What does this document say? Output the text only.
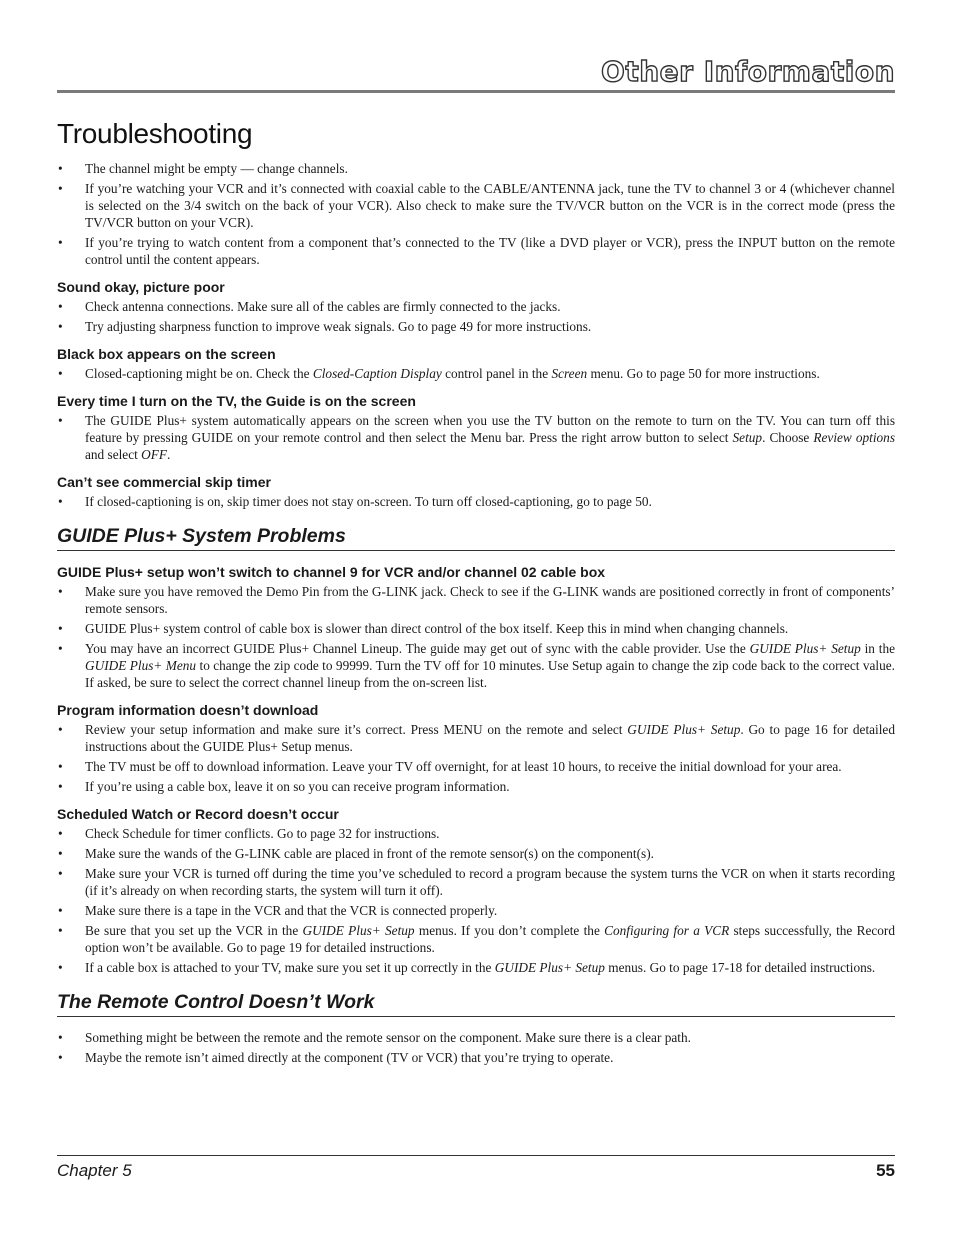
Other Information
Troubleshooting
• The channel might be empty — change channels.
• If you’re watching your VCR and it’s connected with coaxial cable to the CABLE/ANTENNA jack, tune the TV to channel 3 or 4 (whichever channel is selected on the 3/4 switch on the back of your VCR). Also check to make sure the TV/VCR button on the VCR is in the correct mode (press the TV/VCR button on your VCR).
• If you’re trying to watch content from a component that’s connected to the TV (like a DVD player or VCR), press the INPUT button on the remote control until the content appears.
Sound okay, picture poor
• Check antenna connections. Make sure all of the cables are firmly connected to the jacks.
• Try adjusting sharpness function to improve weak signals. Go to page 49 for more instructions.
Black box appears on the screen
• Closed-captioning might be on. Check the Closed-Caption Display control panel in the Screen menu. Go to page 50 for more instructions.
Every time I turn on the TV, the Guide is on the screen
• The GUIDE Plus+ system automatically appears on the screen when you use the TV button on the remote to turn on the TV. You can turn off this feature by pressing GUIDE on your remote control and then select the Menu bar. Press the right arrow button to select Setup. Choose Review options and select OFF.
Can’t see commercial skip timer
• If closed-captioning is on, skip timer does not stay on-screen. To turn off closed-captioning, go to page 50.
GUIDE Plus+ System Problems
GUIDE Plus+ setup won’t switch to channel 9 for VCR and/or channel 02 cable box
• Make sure you have removed the Demo Pin from the G-LINK jack. Check to see if the G-LINK wands are positioned correctly in front of components’ remote sensors.
• GUIDE Plus+ system control of cable box is slower than direct control of the box itself. Keep this in mind when changing channels.
• You may have an incorrect GUIDE Plus+ Channel Lineup. The guide may get out of sync with the cable provider. Use the GUIDE Plus+ Setup in the GUIDE Plus+ Menu to change the zip code to 99999. Turn the TV off for 10 minutes. Use Setup again to change the zip code back to the correct value. If asked, be sure to select the correct channel lineup from the on-screen list.
Program information doesn’t download
• Review your setup information and make sure it’s correct. Press MENU on the remote and select GUIDE Plus+ Setup. Go to page 16 for detailed instructions about the GUIDE Plus+ Setup menus.
• The TV must be off to download information. Leave your TV off overnight, for at least 10 hours, to receive the initial download for your area.
• If you’re using a cable box, leave it on so you can receive program information.
Scheduled Watch or Record doesn’t occur
• Check Schedule for timer conflicts. Go to page 32 for instructions.
• Make sure the wands of the G-LINK cable are placed in front of the remote sensor(s) on the component(s).
• Make sure your VCR is turned off during the time you’ve scheduled to record a program because the system turns the VCR on when it starts recording (if it’s already on when recording starts, the system will turn it off).
• Make sure there is a tape in the VCR and that the VCR is connected properly.
• Be sure that you set up the VCR in the GUIDE Plus+ Setup menus. If you don’t complete the Configuring for a VCR steps successfully, the Record option won’t be available. Go to page 19 for detailed instructions.
• If a cable box is attached to your TV, make sure you set it up correctly in the GUIDE Plus+ Setup menus. Go to page 17-18 for detailed instructions.
The Remote Control Doesn’t Work
• Something might be between the remote and the remote sensor on the component. Make sure there is a clear path.
• Maybe the remote isn’t aimed directly at the component (TV or VCR) that you’re trying to operate.
Chapter 5	55
